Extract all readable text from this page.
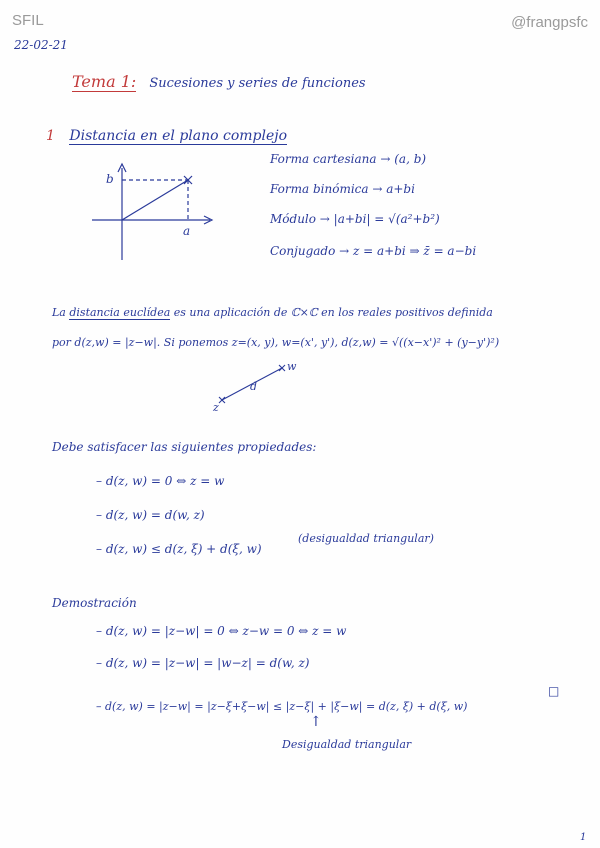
SFIL	@frangpsfc
22-02-21
Tema 1: Sucesiones y series de funciones
1 Distancia en el plano complejo
b
a
Forma cartesiana → (a, b)
Forma binómica → a+bi
Módulo → |a+bi| = √(a²+b²)
Conjugado → z = a+bi ⇒ z̄ = a−bi
La distancia euclídea es una aplicación de ℂ×ℂ en los reales positivos definida
por d(z,w) = |z−w|. Si ponemos z=(x, y), w=(x', y'), d(z,w) = √((x−x')² + (y−y')²)
w
d
z
Debe satisfacer las siguientes propiedades:
– d(z, w) = 0 ⇔ z = w
– d(z, w) = d(w, z)
– d(z, w) ≤ d(z, ξ) + d(ξ, w)
(desigualdad triangular)
Demostración
– d(z, w) = |z−w| = 0 ⇔ z−w = 0 ⇔ z = w
– d(z, w) = |z−w| = |w−z| = d(w, z)
– d(z, w) = |z−w| = |z−ξ+ξ−w| ≤ |z−ξ| + |ξ−w| = d(z, ξ) + d(ξ, w)
□
↑
Desigualdad triangular
1
